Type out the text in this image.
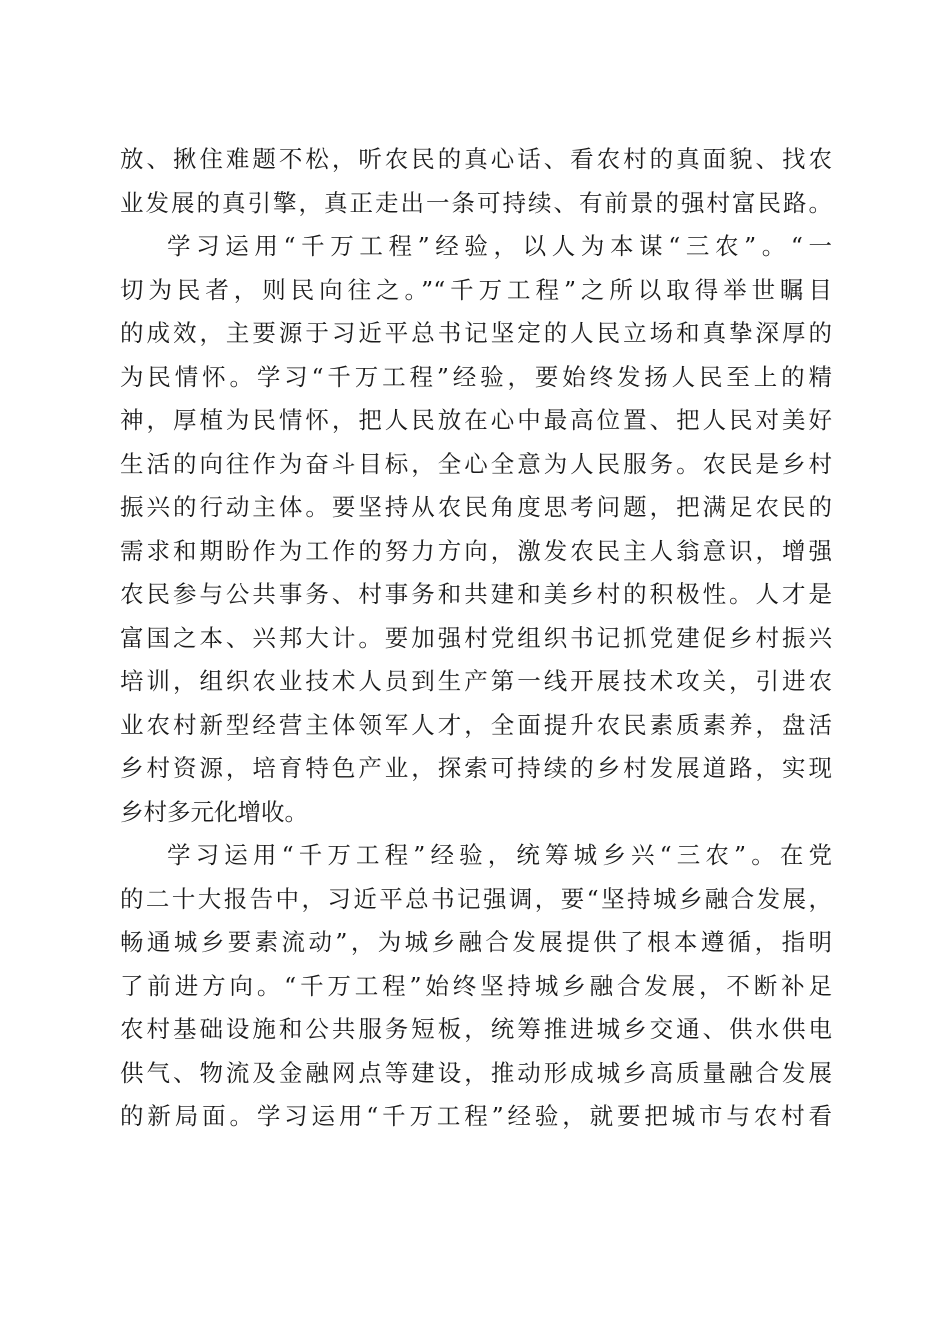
放、揪住难题不松，听农民的真心话、看农村的真面貌、找农
业发展的真引擎，真正走出一条可持续、有前景的强村富民路。
学习运用“千万工程”经验，以人为本谋“三农”。“一
切为民者，则民向往之。”“千万工程”之所以取得举世瞩目
的成效，主要源于习近平总书记坚定的人民立场和真挚深厚的
为民情怀。学习“千万工程”经验，要始终发扬人民至上的精
神，厚植为民情怀，把人民放在心中最高位置、把人民对美好
生活的向往作为奋斗目标，全心全意为人民服务。农民是乡村
振兴的行动主体。要坚持从农民角度思考问题，把满足农民的
需求和期盼作为工作的努力方向，激发农民主人翁意识，增强
农民参与公共事务、村事务和共建和美乡村的积极性。人才是
富国之本、兴邦大计。要加强村党组织书记抓党建促乡村振兴
培训，组织农业技术人员到生产第一线开展技术攻关，引进农
业农村新型经营主体领军人才，全面提升农民素质素养，盘活
乡村资源，培育特色产业，探索可持续的乡村发展道路，实现
乡村多元化增收。
学习运用“千万工程”经验，统筹城乡兴“三农”。在党
的二十大报告中，习近平总书记强调，要“坚持城乡融合发展，
畅通城乡要素流动”，为城乡融合发展提供了根本遵循，指明
了前进方向。“千万工程”始终坚持城乡融合发展，不断补足
农村基础设施和公共服务短板，统筹推进城乡交通、供水供电
供气、物流及金融网点等建设，推动形成城乡高质量融合发展
的新局面。学习运用“千万工程”经验，就要把城市与农村看
